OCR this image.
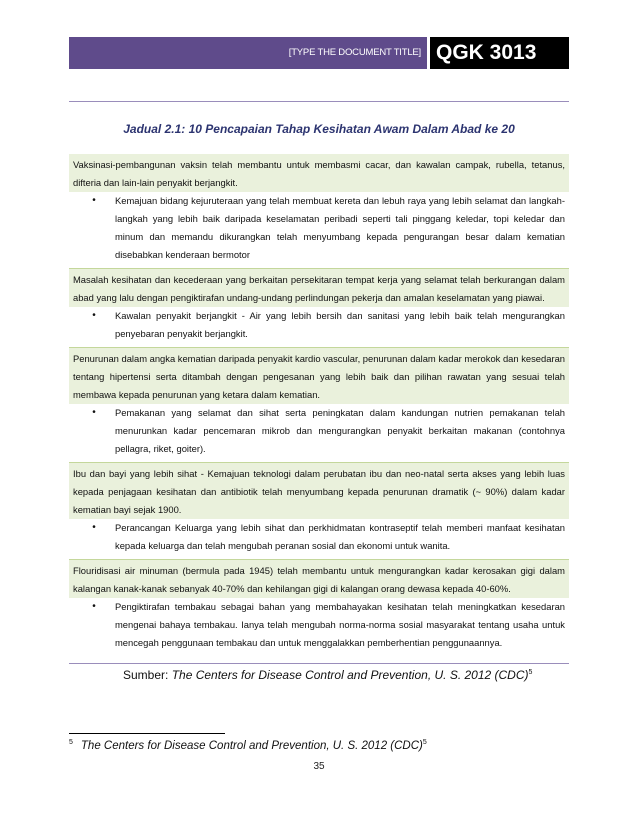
[TYPE THE DOCUMENT TITLE] QGK 3013
Jadual 2.1: 10 Pencapaian Tahap Kesihatan Awam Dalam Abad ke 20
Vaksinasi-pembangunan vaksin telah membantu untuk membasmi cacar, dan kawalan campak, rubella, tetanus, difteria dan lain-lain penyakit berjangkit.
•	Kemajuan bidang kejuruteraan yang telah membuat kereta dan lebuh raya yang lebih selamat dan langkah-langkah yang lebih baik daripada keselamatan peribadi seperti tali pinggang keledar, topi keledar dan minum dan memandu dikurangkan telah menyumbang kepada pengurangan besar dalam kematian disebabkan kenderaan bermotor
Masalah kesihatan dan kecederaan yang berkaitan persekitaran tempat kerja yang selamat telah berkurangan dalam abad yang lalu dengan pengiktirafan undang-undang perlindungan pekerja dan amalan keselamatan yang piawai.
•	Kawalan penyakit berjangkit - Air yang lebih bersih dan sanitasi yang lebih baik telah mengurangkan penyebaran penyakit berjangkit.
Penurunan dalam angka kematian daripada penyakit kardio vascular, penurunan dalam kadar merokok dan kesedaran tentang hipertensi serta ditambah dengan pengesanan yang lebih baik dan pilihan rawatan yang sesuai telah membawa kepada penurunan yang ketara dalam kematian.
•	Pemakanan yang selamat dan sihat serta peningkatan dalam kandungan nutrien pemakanan telah menurunkan kadar pencemaran mikrob dan mengurangkan penyakit berkaitan makanan (contohnya pellagra, riket, goiter).
Ibu dan bayi yang lebih sihat - Kemajuan teknologi dalam perubatan ibu dan neo-natal serta akses yang lebih luas kepada penjagaan kesihatan dan antibiotik telah menyumbang kepada penurunan dramatik (~ 90%) dalam kadar kematian bayi sejak 1900.
•	Perancangan Keluarga yang lebih sihat dan perkhidmatan kontraseptif telah memberi manfaat kesihatan kepada keluarga dan telah mengubah peranan sosial dan ekonomi untuk wanita.
Flouridisasi air minuman (bermula pada 1945) telah membantu untuk mengurangkan kadar kerosakan gigi dalam kalangan kanak-kanak sebanyak 40-70% dan kehilangan gigi di kalangan orang dewasa kepada 40-60%.
•	Pengiktirafan tembakau sebagai bahan yang membahayakan kesihatan telah meningkatkan kesedaran mengenai bahaya tembakau. Ianya telah mengubah norma-norma sosial masyarakat tentang usaha untuk mencegah penggunaan tembakau dan untuk menggalakkan pemberhentian penggunaannya.
Sumber: The Centers for Disease Control and Prevention, U. S. 2012 (CDC)$^5$
$^5$ The Centers for Disease Control and Prevention, U. S. 2012 (CDC)$^5$
35
